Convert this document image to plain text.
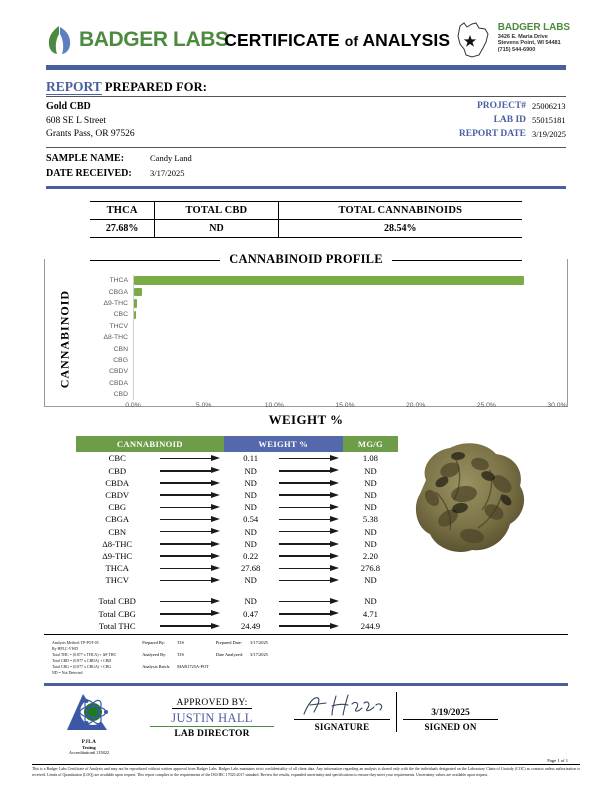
BADGER LABS
CERTIFICATE of ANALYSIS
BADGER LABS
3426 E. Maria Drive
Stevens Point, WI 54481
(715) 544-6900
REPORT PREPARED FOR:
Gold CBD
608 SE L Street
Grants Pass, OR 97526
PROJECT# 25006213
LAB ID 55015181
REPORT DATE 3/19/2025
SAMPLE NAME:	Candy Land
DATE RECEIVED: 3/17/2025
THCA	TOTAL CBD	TOTAL CANNABINOIDS
27.68%	ND	28.54%
CANNABINOID PROFILE
CANNABINOID
THCA
CBGA
Δ9-THC
CBC
THCV
Δ8-THC
CBN
CBG
CBDV
CBDA
CBD
0.0%	5.0%	10.0%	15.0%	20.0%	25.0%	30.0%
WEIGHT %
CANNABINOID		WEIGHT %		MG/G
CBC		0.11		1.08
CBD		ND		ND
CBDA		ND		ND
CBDV		ND		ND
CBG		ND		ND
CBGA		0.54		5.38
CBN		ND		ND
Δ8-THC		ND		ND
Δ9-THC		0.22		2.20
THCA		27.68		276.8
THCV		ND		ND

Total CBD		ND		ND
Total CBG		0.47		4.71
Total THC		24.49		244.9
Analysis Method: TP-POT-05
By HPLC-VWD
Total THC = (0.877 x THCA) + Δ9-THC
Total CBD = (0.877 x CBDA) + CBD
Total CBG = (0.877 x CBGA) + CBG
ND = Not Detected
Prepared By:	TJS	Prepared Date: 3/17/2025
Analyzed By:	TJS	Date Analyzed: 3/17/2025
Analysis Batch: MAR1725A-POT
PJLA
Testing
Accreditation# 115822
APPROVED BY:
JUSTIN HALL
LAB DIRECTOR
SIGNATURE
3/19/2025
SIGNED ON
Page 1 of 1
This is a Badger Labs Certificate of Analysis and may not be reproduced without written approval from Badger Labs. Badger Labs maintains strict confidentiality of all client data. Any information regarding an analysis is shared only with the the individuals designated on the Laboratory Chain of Custody (COC) as contacts unless authorization is received. Limits of Quantitation (LOQ) are available upon request. This report complies to the requirements of the ISO/IEC 17025:2017 standard. Review the results, expanded uncertainty and specifications to ensure they meet your requirements. Uncertainty values are available upon request.
